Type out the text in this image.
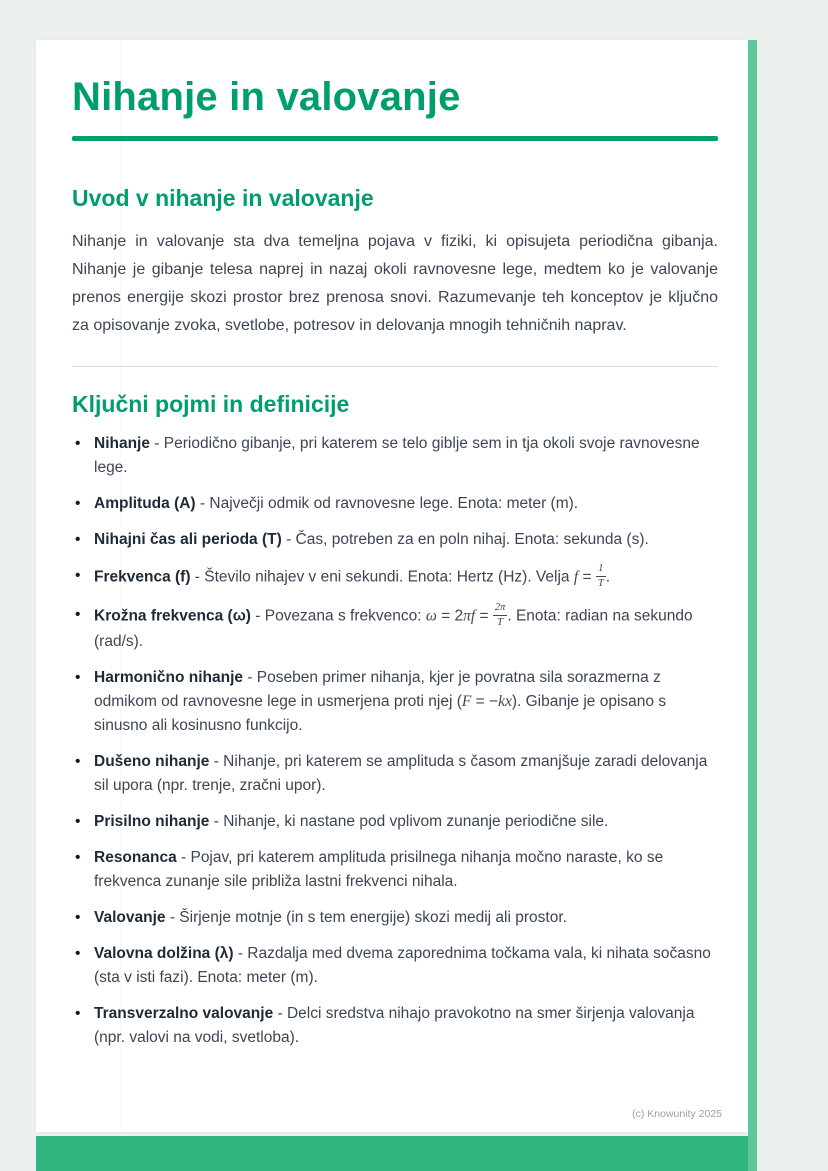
Nihanje in valovanje
Uvod v nihanje in valovanje

Nihanje in valovanje sta dva temeljna pojava v fiziki, ki opisujeta periodična gibanja. Nihanje je gibanje telesa naprej in nazaj okoli ravnovesne lege, medtem ko je valovanje prenos energije skozi prostor brez prenosa snovi. Razumevanje teh konceptov je ključno za opisovanje zvoka, svetlobe, potresov in delovanja mnogih tehničnih naprav.

Ključni pojmi in definicije
• Nihanje - Periodično gibanje, pri katerem se telo giblje sem in tja okoli svoje ravnovesne lege.
• Amplituda (A) - Največji odmik od ravnovesne lege. Enota: meter (m).
• Nihajni čas ali perioda (T) - Čas, potreben za en poln nihaj. Enota: sekunda (s).
• Frekvenca (f) - Število nihajev v eni sekundi. Enota: Hertz (Hz). Velja $f = \frac{1}{T}$ .
• Krožna frekvenca (ω) - Povezana s frekvenco: $\omega = 2\pi f = \frac{2\pi}{T}$ . Enota: radian na sekundo (rad/s).
• Harmonično nihanje - Poseben primer nihanja, kjer je povratna sila sorazmerna z odmikom od ravnovesne lege in usmerjena proti njej (F = −kx). Gibanje je opisano s sinusno ali kosinusno funkcijo.
• Dušeno nihanje - Nihanje, pri katerem se amplituda s časom zmanjšuje zaradi delovanja sil upora (npr. trenje, zračni upor).
• Prisilno nihanje - Nihanje, ki nastane pod vplivom zunanje periodične sile.
• Resonanca - Pojav, pri katerem amplituda prisilnega nihanja močno naraste, ko se frekvenca zunanje sile približa lastni frekvenci nihala.
• Valovanje - Širjenje motnje (in s tem energije) skozi medij ali prostor.
• Valovna dolžina (λ) - Razdalja med dvema zaporednima točkama vala, ki nihata sočasno (sta v isti fazi). Enota: meter (m).
• Transverzalno valovanje - Delci sredstva nihajo pravokotno na smer širjenja valovanja (npr. valovi na vodi, svetloba).
(c) Knowunity 2025
